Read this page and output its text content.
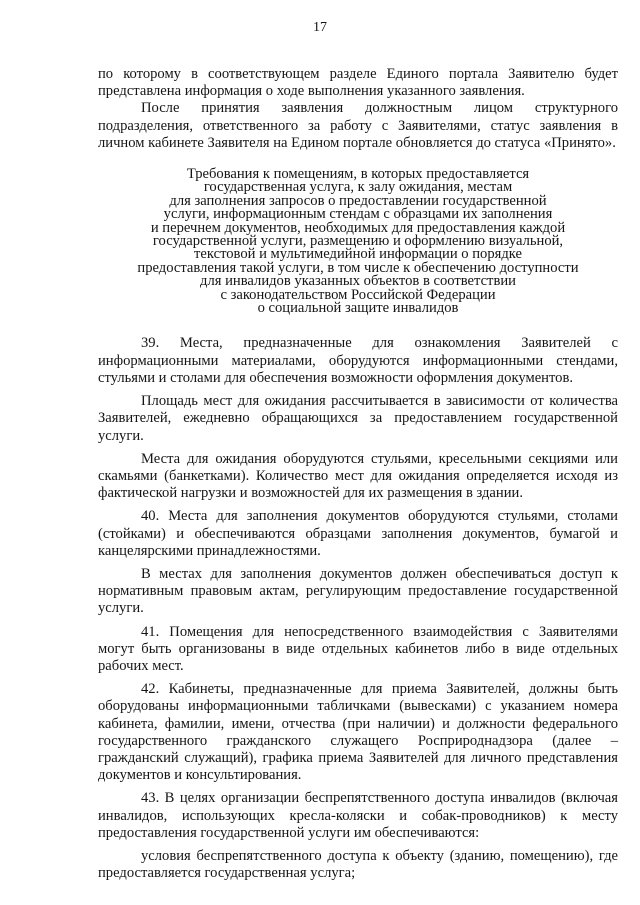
17

по которому в соответствующем разделе Единого портала Заявителю будет представлена информация о ходе выполнения указанного заявления.

После принятия заявления должностным лицом структурного подразделения, ответственного за работу с Заявителями, статус заявления в личном кабинете Заявителя на Едином портале обновляется до статуса «Принято».

Требования к помещениям, в которых предоставляется
государственная услуга, к залу ожидания, местам
для заполнения запросов о предоставлении государственной
услуги, информационным стендам с образцами их заполнения
и перечнем документов, необходимых для предоставления каждой
государственной услуги, размещению и оформлению визуальной,
текстовой и мультимедийной информации о порядке
предоставления такой услуги, в том числе к обеспечению доступности
для инвалидов указанных объектов в соответствии
с законодательством Российской Федерации
о социальной защите инвалидов

39. Места, предназначенные для ознакомления Заявителей с информационными материалами, оборудуются информационными стендами, стульями и столами для обеспечения возможности оформления документов.

Площадь мест для ожидания рассчитывается в зависимости от количества Заявителей, ежедневно обращающихся за предоставлением государственной услуги.

Места для ожидания оборудуются стульями, кресельными секциями или скамьями (банкетками). Количество мест для ожидания определяется исходя из фактической нагрузки и возможностей для их размещения в здании.

40. Места для заполнения документов оборудуются стульями, столами (стойками) и обеспечиваются образцами заполнения документов, бумагой и канцелярскими принадлежностями.

В местах для заполнения документов должен обеспечиваться доступ к нормативным правовым актам, регулирующим предоставление государственной услуги.

41. Помещения для непосредственного взаимодействия с Заявителями могут быть организованы в виде отдельных кабинетов либо в виде отдельных рабочих мест.

42. Кабинеты, предназначенные для приема Заявителей, должны быть оборудованы информационными табличками (вывесками) с указанием номера кабинета, фамилии, имени, отчества (при наличии) и должности федерального государственного гражданского служащего Росприроднадзора (далее – гражданский служащий), графика приема Заявителей для личного представления документов и консультирования.

43. В целях организации беспрепятственного доступа инвалидов (включая инвалидов, использующих кресла-коляски и собак-проводников) к месту предоставления государственной услуги им обеспечиваются:

условия беспрепятственного доступа к объекту (зданию, помещению), где предоставляется государственная услуга;
